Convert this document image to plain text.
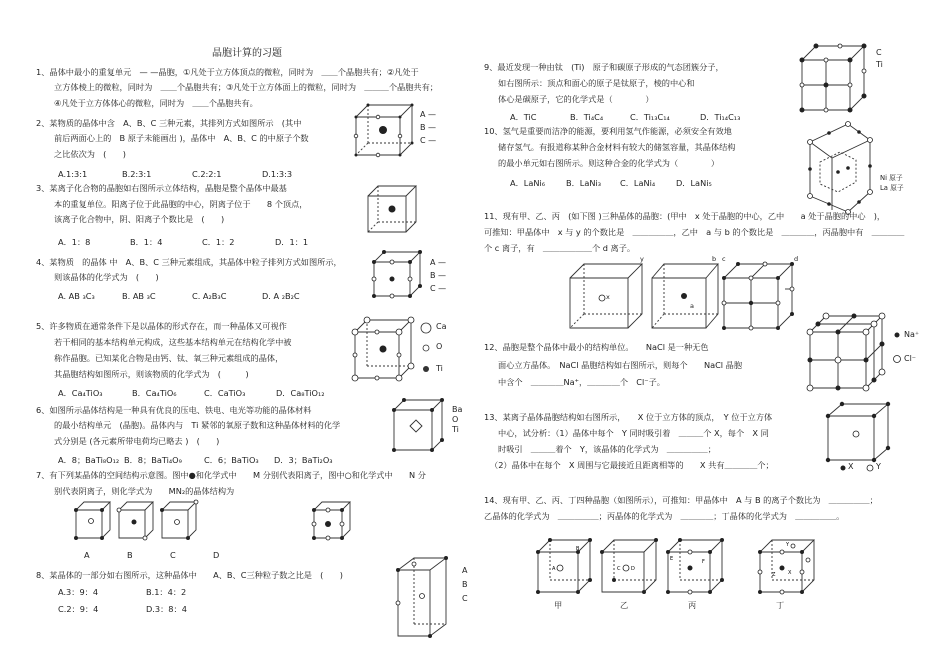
晶胞计算的习题
1、晶体中最小的重复单元　— —晶胞，①凡处于立方体顶点的微粒，同时为　＿＿个晶胞共有；②凡处于
立方体棱上的微粒，同时为　＿＿个晶胞共有；③凡处于立方体面上的微粒，同时为　＿＿＿个晶胞共有；
④凡处于立方体体心的微粒，同时为　＿＿个晶胞共有。
2、某物质的晶体中含　A、B、C 三种元素，其排列方式如图所示　(其中
前后两面心上的　B 原子未能画出 )，晶体中　A、B、C 的中原子个数
之比依次为　(　　)
A.1:3:1	B.2:3:1	C.2:2:1	D.1:3:3
A —
B —
C —
3、某离子化合物的晶胞如右图所示立体结构，晶胞是整个晶体中最基
本的重复单位。阳离子位于此晶胞的中心，阴离子位于　　8 个顶点，
该离子化合物中，阴、阳离子个数比是　(　　)
A．1：8	B．1：4	C．1：2	D．1：1
4、某物质　的晶体 中　A、B、C 三种元素组成，其晶体中粒子排列方式如图所示，
则该晶体的化学式为　(　　)
A. AB ₃C₃	B. AB ₃C	C. A₂B₃C	D. A ₂B₂C
A —
B —
C —
5、许多物质在通常条件下是以晶体的形式存在，而一种晶体又可视作
若干相同的基本结构单元构成，这些基本结构单元在结构化学中被
称作晶胞。已知某化合物是由钙、钛、氧三种元素组成的晶体，
其晶胞结构如图所示，则该物质的化学式为　(　　　)
A．Ca₄TiO₃	B．Ca₄TiO₆	C．CaTiO₃	D．Ca₈TiO₁₂
Ca
O
Ti
6、如图所示晶体结构是一种具有优良的压电、铁电、电光等功能的晶体材料
的最小结构单元　(晶胞)。晶体内与　Ti 紧邻的氧原子数和这种晶体材料的化学
式分别是 (各元素所带电荷均已略去 )　(　　)
A．8；BaTi₈O₁₂ B．8；BaTi₄O₉	C．6；BaTiO₃ D．3；BaTi₂O₃
Ba
O
Ti
7、有下列某晶体的空间结构示意图。图中●和化学式中　　M 分别代表阳离子，图中○和化学式中　　N 分
别代表阴离子，则化学式为　　MN₂的晶体结构为
A	B	C	D
8、某晶体的一部分如右图所示，这种晶体中　　A、B、C三种粒子数之比是　(　　)
A.3：9：4	B.1：4：2
C.2：9：4	D.3：8：4
A
B
C
9、最近发现一种由钛　(Ti)　原子和碳原子形成的气态团簇分子，
如右图所示：顶点和面心的原子是钛原子，棱的中心和
体心是碳原子，它的化学式是（　　　　）
A．TiC	B．Ti₄C₄	C．Ti₁₃C₁₄	D．Ti₁₄C₁₃
C
Ti
10、氢气是重要而洁净的能源，要利用氢气作能源，必须安全有效地
储存氢气。有报道称某种合金材料有较大的储氢容量，其晶体结构
的最小单元如右图所示。则这种合金的化学式为（　　　　）
A．LaNi₆	B．LaNi₃ C．LaNi₄	D．LaNi₅	Ni 原子
La 原子
11、现有甲、乙、丙　(如下图 )三种晶体的晶胞：(甲中　x 处于晶胞的中心，乙中　　a 处于晶胞的中心　)，
可推知：甲晶体中　x 与 y 的个数比是　＿＿＿＿＿，乙中　a 与 b 的个数比是　＿＿＿＿，丙晶胞中有　＿＿＿＿
个 c 离子，有　＿＿＿＿＿＿个 d 离子。
x
y
a
b c	d
12、晶胞是整个晶体中最小的结构单位。　　NaCl 是一种无色
面心立方晶体。　NaCl 晶胞结构如右图所示，则每个　　NaCl 晶胞
中含个　＿＿＿＿Na⁺，＿＿＿＿个　Cl⁻子。
Na⁺
Cl⁻
13、某离子晶体晶胞结构如右图所示，　　X 位于立方体的顶点，　Y 位于立方体
中心，试分析：（1）晶体中每个　Y 同时吸引着　＿＿＿个 X，每个　X 同
时吸引　＿＿＿着个　Y，该晶体的化学式为　＿＿＿＿＿；
（2）晶体中在每个　X 周围与它最接近且距离相等的　　X 共有＿＿＿＿个；	X	Y
14、现有甲、乙、丙、丁四种晶胞（如图所示），可推知：甲晶体中　A 与 B 的离子个数比为　＿＿＿＿＿；
乙晶体的化学式为　＿＿＿＿＿；丙晶体的化学式为　＿＿＿＿；丁晶体的化学式为　＿＿＿＿＿。
A
B
C D
E	F
Y
Z	X
甲	乙	丙	丁
